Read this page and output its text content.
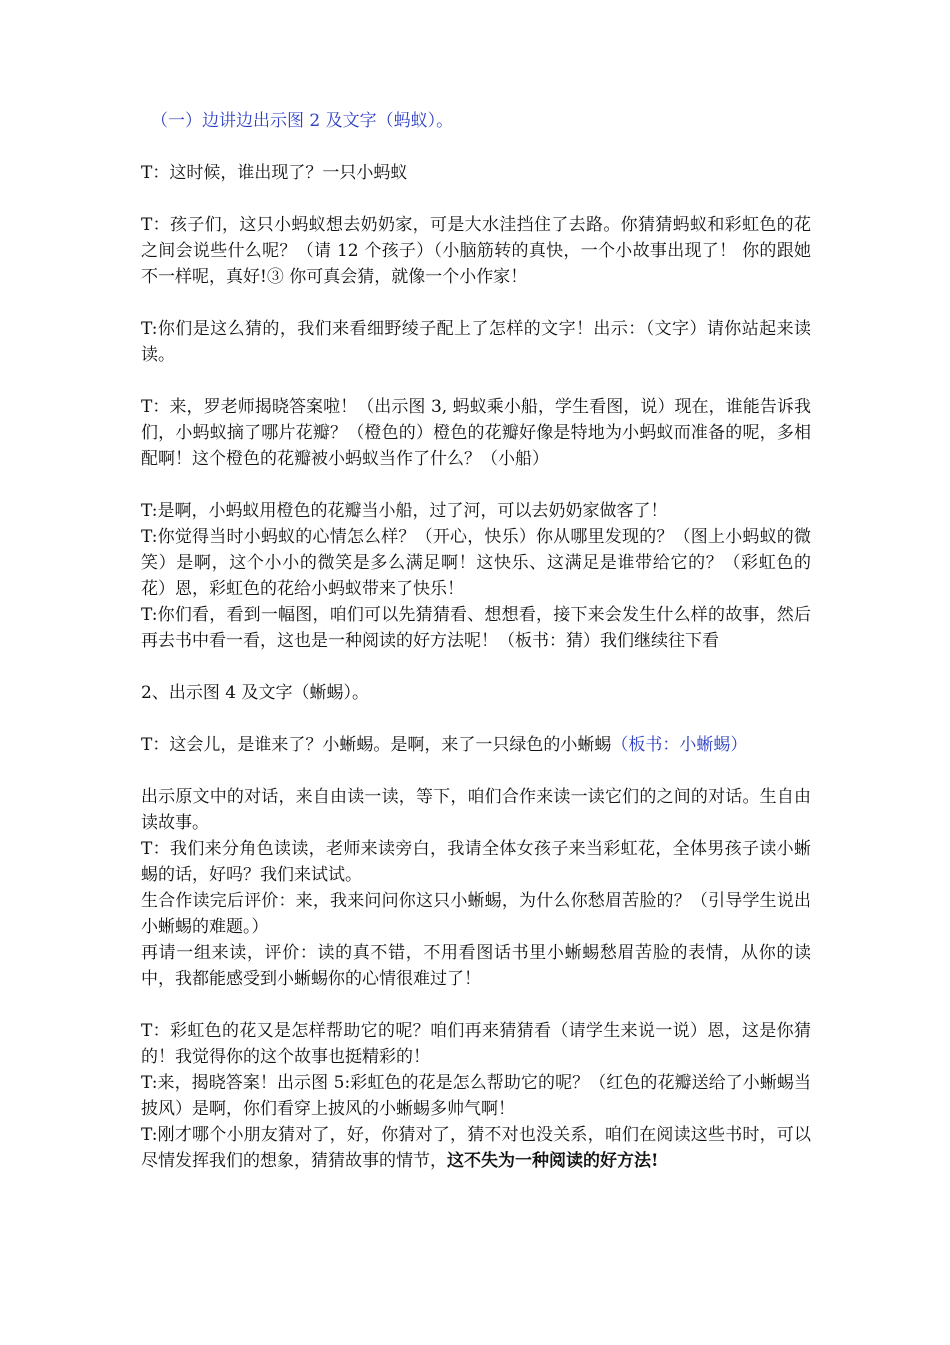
（一）边讲边出示图 2 及文字（蚂蚁）。

T：这时候，谁出现了？一只小蚂蚁

T：孩子们，这只小蚂蚁想去奶奶家，可是大水洼挡住了去路。你猜猜蚂蚁和彩虹色的花之间会说些什么呢？（请 12 个孩子）（小脑筋转的真快，一个小故事出现了！ 你的跟她不一样呢，真好!③ 你可真会猜，就像一个小作家！

T:你们是这么猜的，我们来看细野绫子配上了怎样的文字！出示：（文字）请你站起来读读。

T：来，罗老师揭晓答案啦！（出示图 3, 蚂蚁乘小船，学生看图，说）现在，谁能告诉我们，小蚂蚁摘了哪片花瓣？（橙色的）橙色的花瓣好像是特地为小蚂蚁而准备的呢，多相配啊！这个橙色的花瓣被小蚂蚁当作了什么？（小船）

T:是啊，小蚂蚁用橙色的花瓣当小船，过了河，可以去奶奶家做客了！

T:你觉得当时小蚂蚁的心情怎么样？（开心，快乐）你从哪里发现的？（图上小蚂蚁的微笑）是啊，这个小小的微笑是多么满足啊！这快乐、这满足是谁带给它的？（彩虹色的花）恩，彩虹色的花给小蚂蚁带来了快乐！

T:你们看，看到一幅图，咱们可以先猜猜看、想想看，接下来会发生什么样的故事，然后再去书中看一看，这也是一种阅读的好方法呢！（板书：猜）我们继续往下看

2、出示图 4 及文字（蜥蜴）。

T：这会儿，是谁来了？小蜥蜴。是啊，来了一只绿色的小蜥蜴（板书：小蜥蜴）

出示原文中的对话，来自由读一读，等下，咱们合作来读一读它们的之间的对话。生自由读故事。

T：我们来分角色读读，老师来读旁白，我请全体女孩子来当彩虹花，全体男孩子读小蜥蜴的话，好吗？我们来试试。

生合作读完后评价：来，我来问问你这只小蜥蜴，为什么你愁眉苦脸的？（引导学生说出小蜥蜴的难题。）

再请一组来读，评价：读的真不错，不用看图话书里小蜥蜴愁眉苦脸的表情，从你的读中，我都能感受到小蜥蜴你的心情很难过了！

T：彩虹色的花又是怎样帮助它的呢？咱们再来猜猜看（请学生来说一说）恩，这是你猜的！我觉得你的这个故事也挺精彩的！

T:来，揭晓答案！出示图 5:彩虹色的花是怎么帮助它的呢？（红色的花瓣送给了小蜥蜴当披风）是啊，你们看穿上披风的小蜥蜴多帅气啊！

T:刚才哪个小朋友猜对了，好，你猜对了，猜不对也没关系，咱们在阅读这些书时，可以尽情发挥我们的想象，猜猜故事的情节，这不失为一种阅读的好方法!
